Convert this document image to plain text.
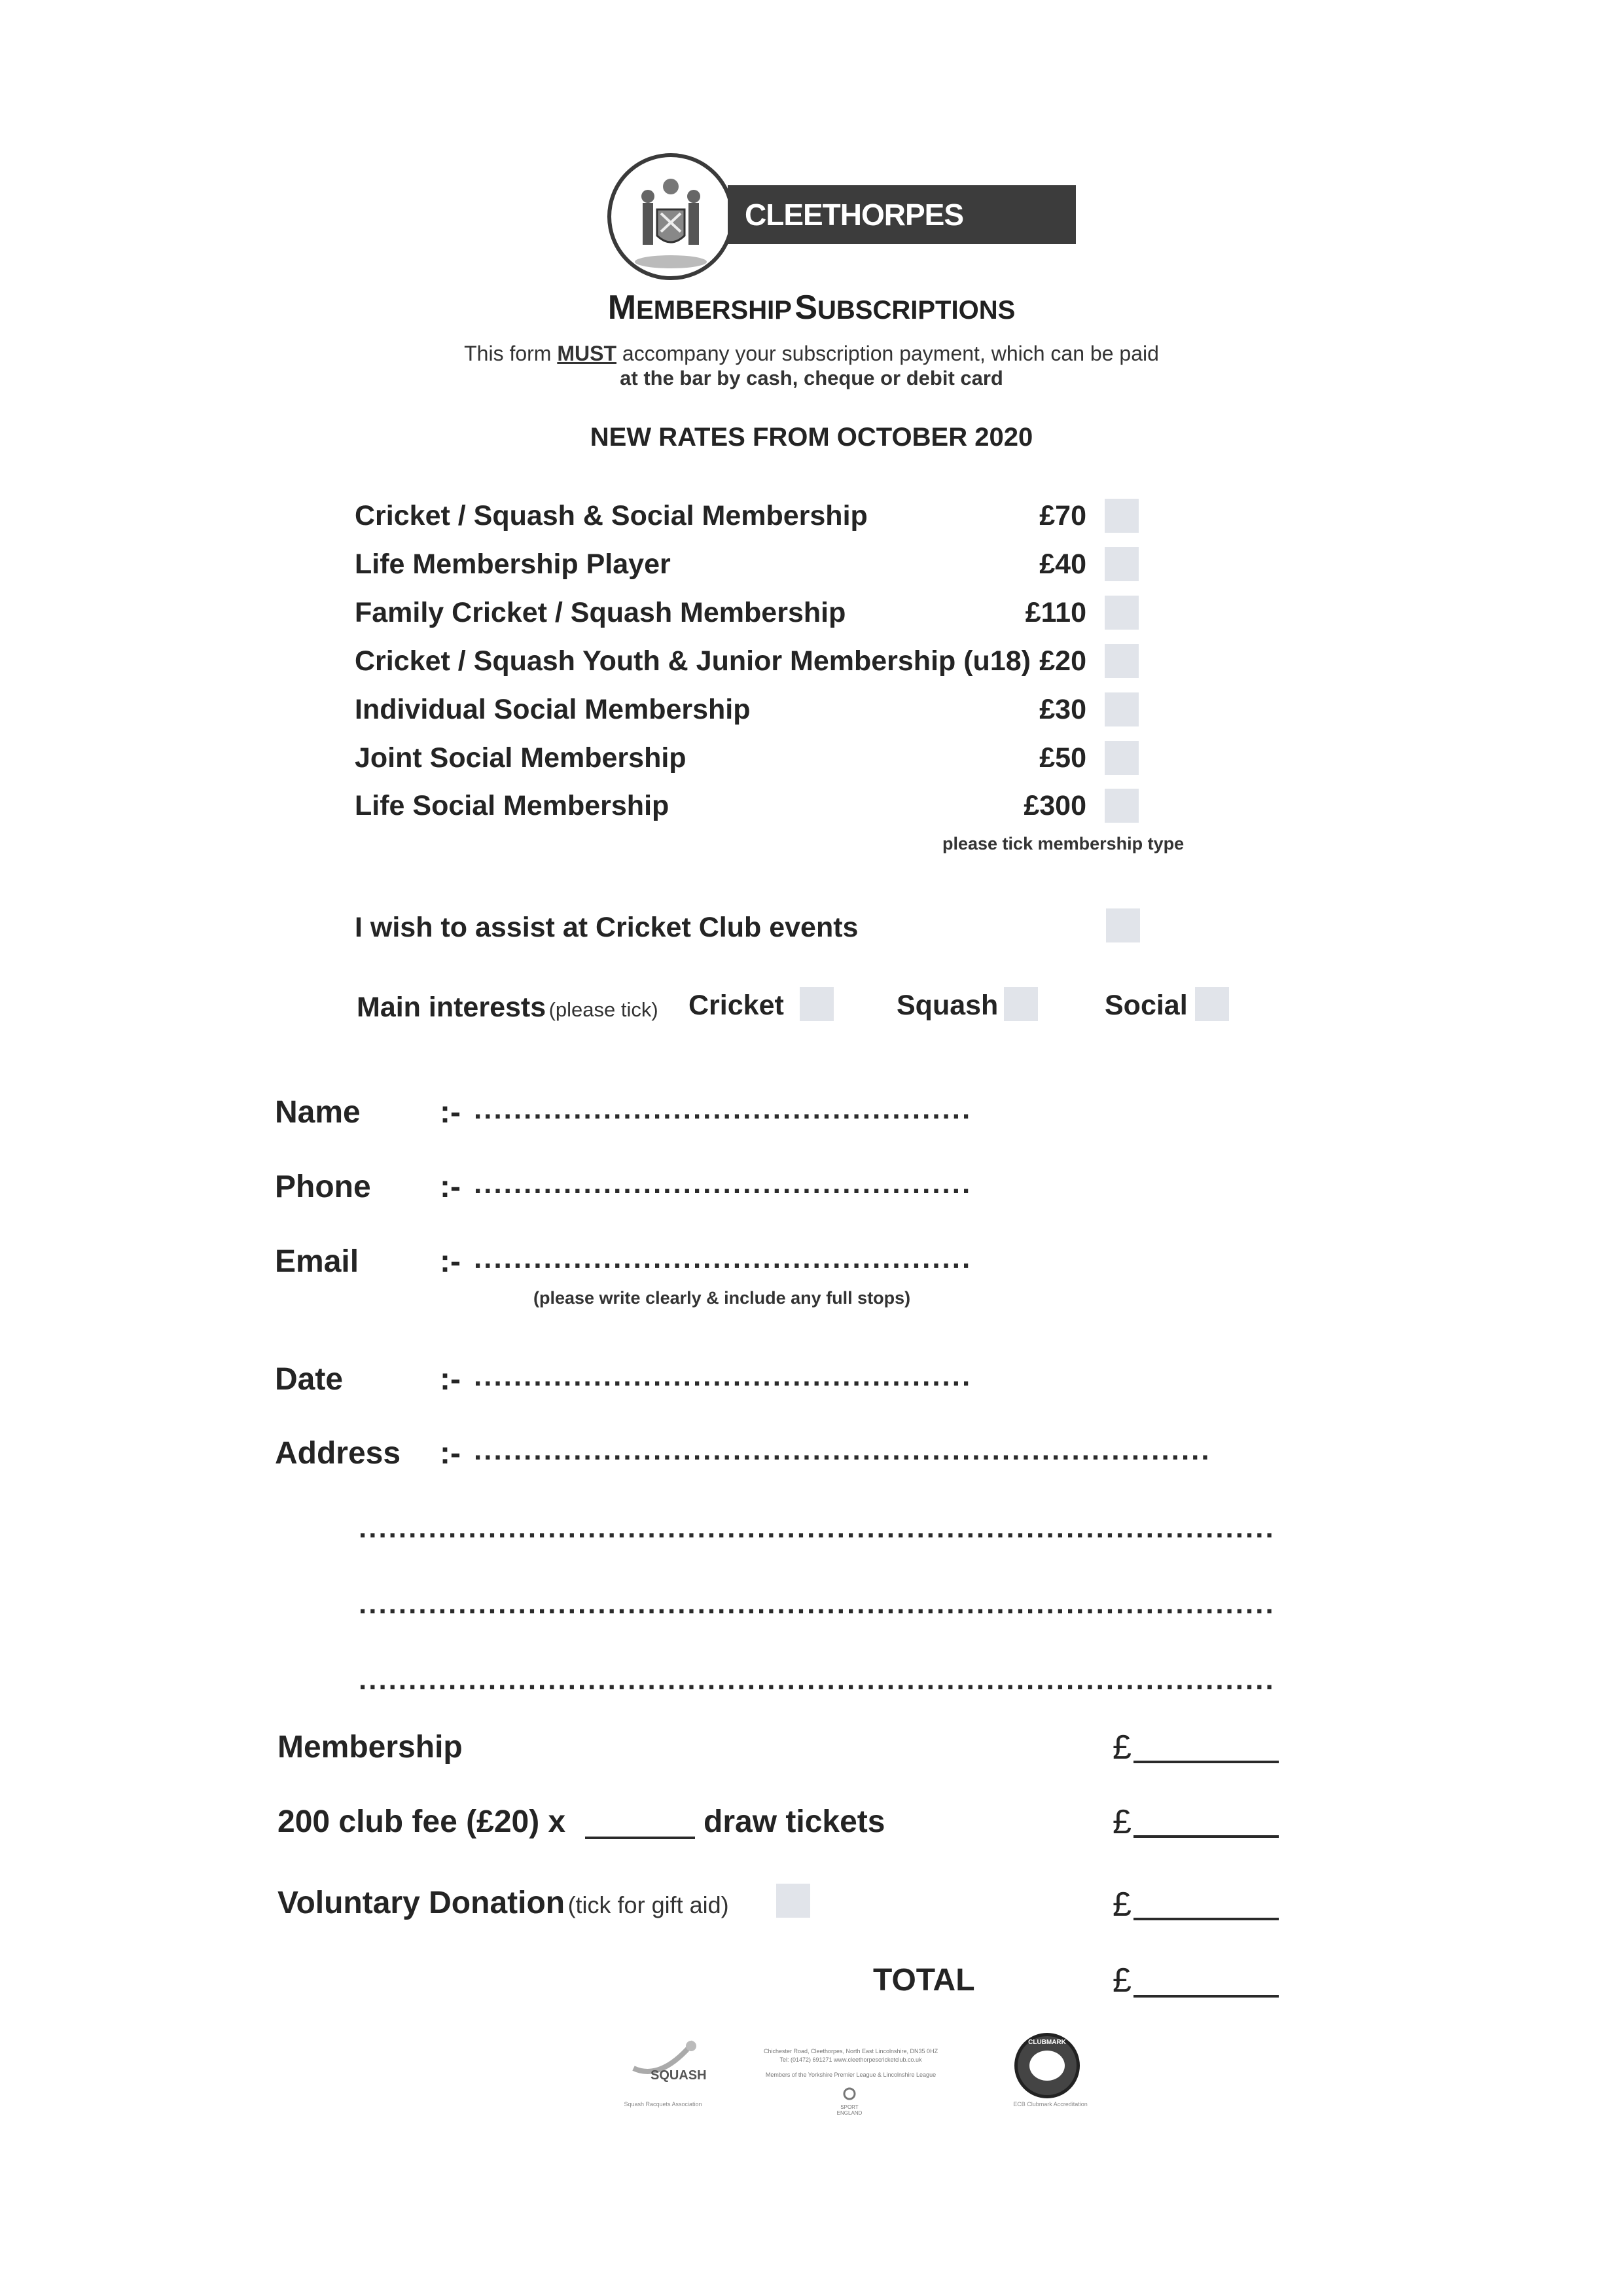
CLEETHORPES CRICKET CLUB
MEMBERSHIP SUBSCRIPTIONS
This form MUST accompany your subscription payment, which can be paid
at the bar by cash, cheque or debit card
NEW RATES FROM OCTOBER 2020
Cricket / Squash & Social Membership	£70
Life Membership Player	£40
Family Cricket / Squash Membership	£110
Cricket / Squash Youth & Junior Membership (u18) £20
Individual Social Membership	£30
Joint Social Membership	£50
Life Social Membership	£300
please tick membership type
I wish to assist at Cricket Club events
Main interests (please tick) Cricket	Squash	Social
Name	:- ..................................................
Phone :- ..................................................
Email	:- ..................................................
(please write clearly & include any full stops)
Date	:- ..................................................
Address :- ..........................................................................
............................................................................................
............................................................................................
............................................................................................
Membership	£
200 club fee (£20) x	draw tickets	£
Voluntary Donation (tick for gift aid)	£
TOTAL	£
SQUASH
Squash Racquets Association
Chichester Road, Cleethorpes, North East Lincolnshire, DN35 0HZ
Tel: (01472) 691271 www.cleethorpescricketclub.co.uk
Members of the Yorkshire Premier League & Lincolnshire League
SPORT ENGLAND
CLUBMARK
ECB Clubmark Accreditation
